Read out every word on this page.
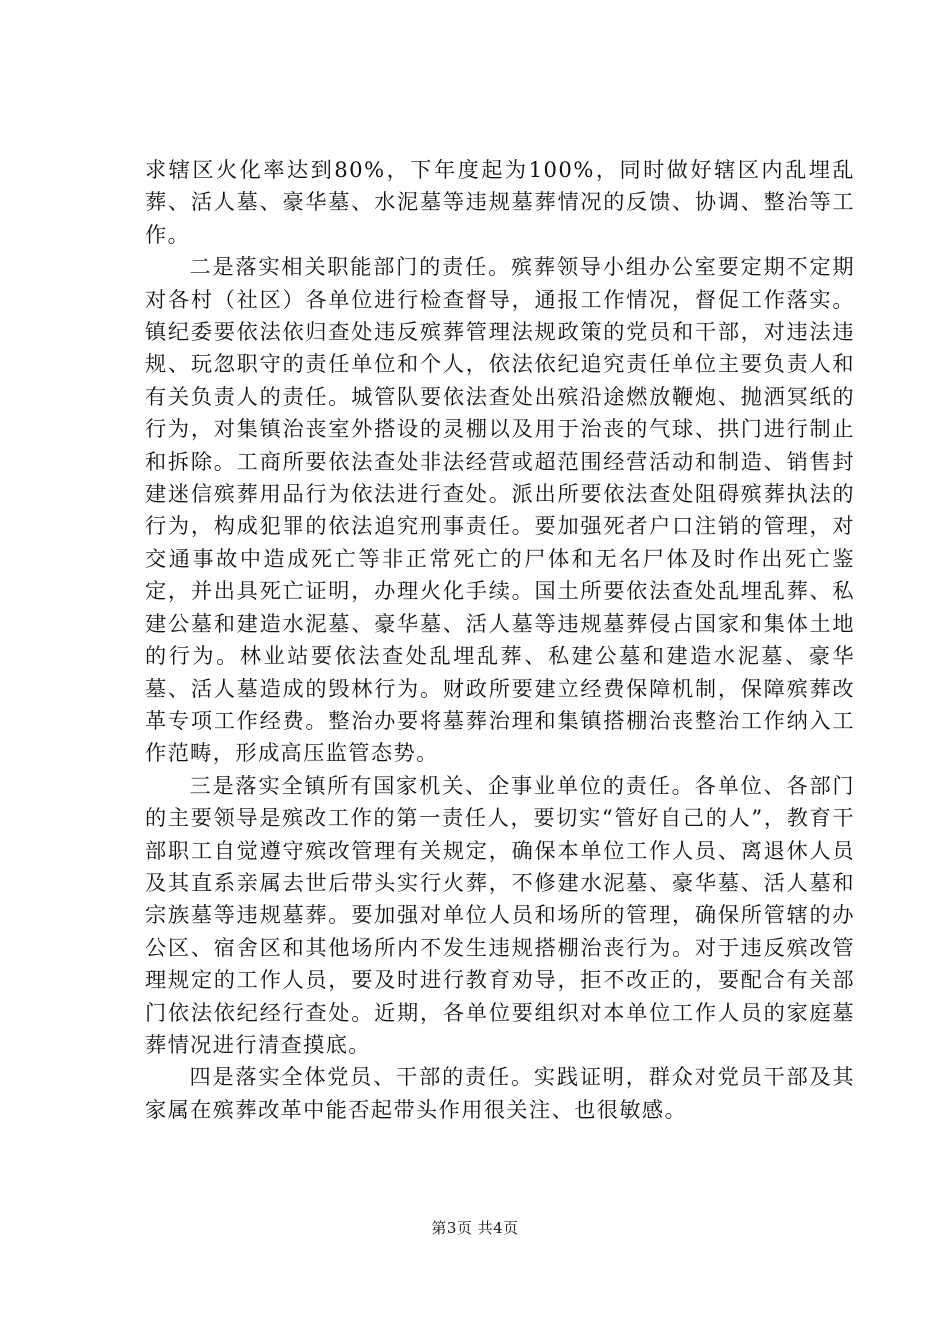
求辖区火化率达到80%，下年度起为100%，同时做好辖区内乱埋乱葬、活人墓、豪华墓、水泥墓等违规墓葬情况的反馈、协调、整治等工作。

二是落实相关职能部门的责任。殡葬领导小组办公室要定期不定期对各村（社区）各单位进行检查督导，通报工作情况，督促工作落实。镇纪委要依法依归查处违反殡葬管理法规政策的党员和干部，对违法违规、玩忽职守的责任单位和个人，依法依纪追究责任单位主要负责人和有关负责人的责任。城管队要依法查处出殡沿途燃放鞭炮、抛洒冥纸的行为，对集镇治丧室外搭设的灵棚以及用于治丧的气球、拱门进行制止和拆除。工商所要依法查处非法经营或超范围经营活动和制造、销售封建迷信殡葬用品行为依法进行查处。派出所要依法查处阻碍殡葬执法的行为，构成犯罪的依法追究刑事责任。要加强死者户口注销的管理，对交通事故中造成死亡等非正常死亡的尸体和无名尸体及时作出死亡鉴定，并出具死亡证明，办理火化手续。国土所要依法查处乱埋乱葬、私建公墓和建造水泥墓、豪华墓、活人墓等违规墓葬侵占国家和集体土地的行为。林业站要依法查处乱埋乱葬、私建公墓和建造水泥墓、豪华墓、活人墓造成的毁林行为。财政所要建立经费保障机制，保障殡葬改革专项工作经费。整治办要将墓葬治理和集镇搭棚治丧整治工作纳入工作范畴，形成高压监管态势。

三是落实全镇所有国家机关、企事业单位的责任。各单位、各部门的主要领导是殡改工作的第一责任人，要切实“管好自己的人”，教育干部职工自觉遵守殡改管理有关规定，确保本单位工作人员、离退休人员及其直系亲属去世后带头实行火葬，不修建水泥墓、豪华墓、活人墓和宗族墓等违规墓葬。要加强对单位人员和场所的管理，确保所管辖的办公区、宿舍区和其他场所内不发生违规搭棚治丧行为。对于违反殡改管理规定的工作人员，要及时进行教育劝导，拒不改正的，要配合有关部门依法依纪经行查处。近期，各单位要组织对本单位工作人员的家庭墓葬情况进行清查摸底。

四是落实全体党员、干部的责任。实践证明，群众对党员干部及其家属在殡葬改革中能否起带头作用很关注、也很敏感。

第3页 共4页
